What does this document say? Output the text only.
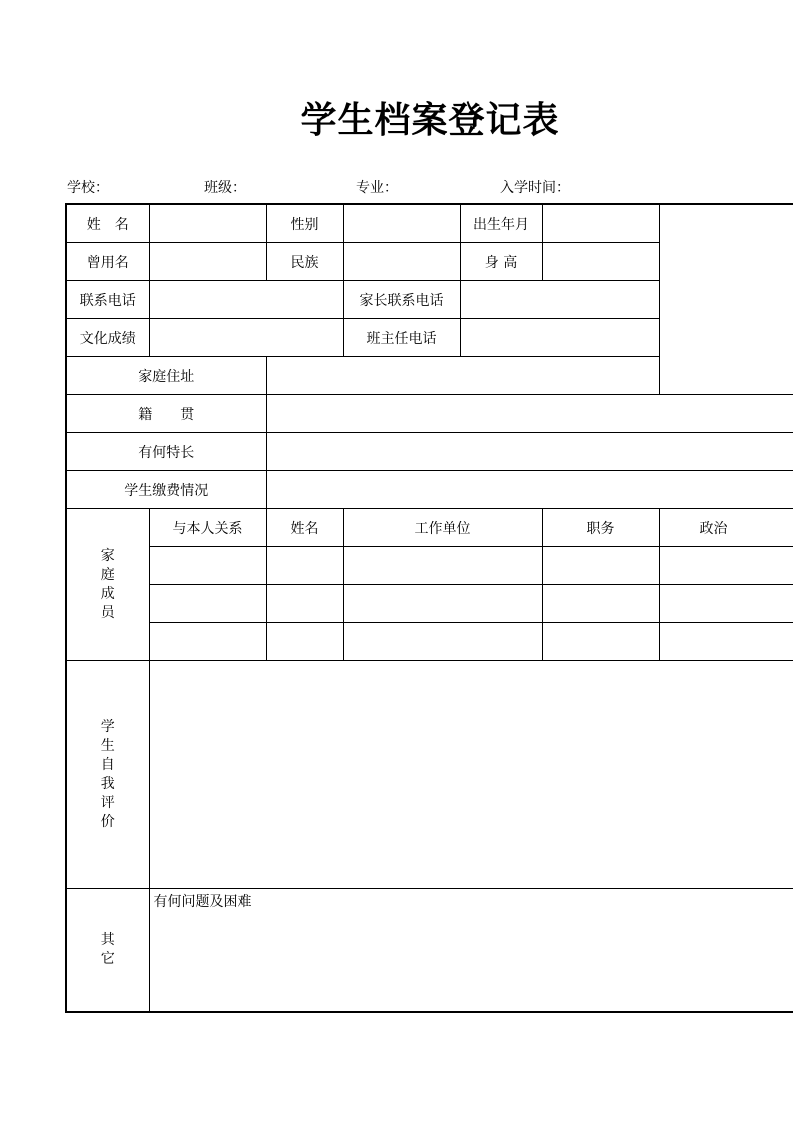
学生档案登记表
学校：	班级：	专业：	入学时间：
姓　名		性别		出生年月		
曾用名		民族		身 高		
联系电话			家长联系电话			
文化成绩			班主任电话			
家庭住址						
籍　　贯						
有何特长						
学生缴费情况						
家庭成员	与本人关系	姓名	工作单位		职务	政治

学生自我评价						
其它	有何问题及困难					
